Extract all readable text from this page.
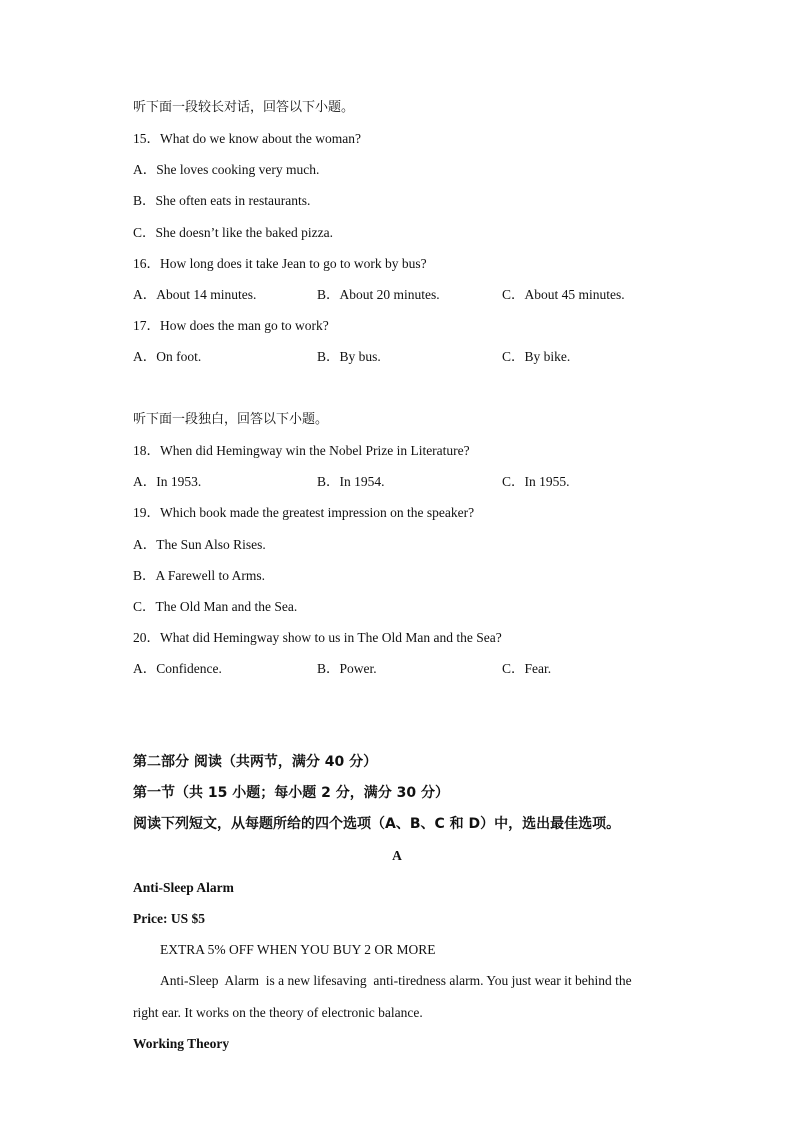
听下面一段较长对话，回答以下小题。
15．What do we know about the woman?
A．She loves cooking very much.
B．She often eats in restaurants.
C．She doesn’t like the baked pizza.
16．How long does it take Jean to go to work by bus?
A．About 14 minutes.	B．About 20 minutes.	C．About 45 minutes.
17．How does the man go to work?
A．On foot.	B．By bus.	C．By bike.
听下面一段独白，回答以下小题。
18．When did Hemingway win the Nobel Prize in Literature?
A．In 1953.	B．In 1954.	C．In 1955.
19．Which book made the greatest impression on the speaker?
A．The Sun Also Rises.
B．A Farewell to Arms.
C．The Old Man and the Sea.
20．What did Hemingway show to us in The Old Man and the Sea?
A．Confidence.	B．Power.	C．Fear.
第二部分 阅读（共两节，满分 40 分）
第一节（共 15 小题；每小题 2 分，满分 30 分）
阅读下列短文，从每题所给的四个选项（A、B、C 和 D）中，选出最佳选项。
A
Anti-Sleep Alarm
Price: US $5
EXTRA 5% OFF WHEN YOU BUY 2 OR MORE
Anti-Sleep  Alarm  is a new lifesaving  anti-tiredness alarm. You just wear it behind the
right ear. It works on the theory of electronic balance.
Working Theory
